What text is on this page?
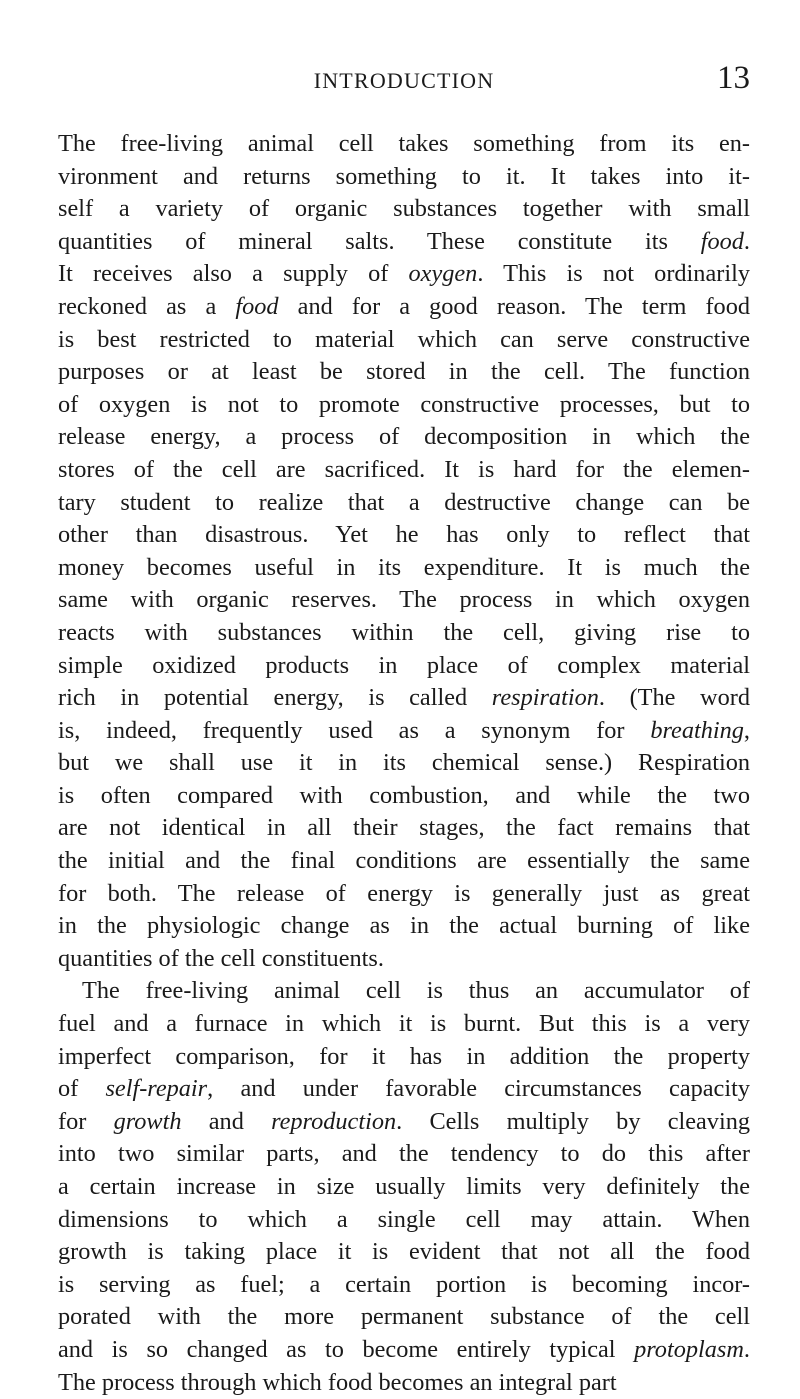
INTRODUCTION	13
The free-living animal cell takes something from its en-
vironment and returns something to it. It takes into it-
self a variety of organic substances together with small
quantities of mineral salts. These constitute its food.
It receives also a supply of oxygen. This is not ordinarily
reckoned as a food and for a good reason. The term food
is best restricted to material which can serve constructive
purposes or at least be stored in the cell. The function
of oxygen is not to promote constructive processes, but to
release energy, a process of decomposition in which the
stores of the cell are sacrificed. It is hard for the elemen-
tary student to realize that a destructive change can be
other than disastrous. Yet he has only to reflect that
money becomes useful in its expenditure. It is much the
same with organic reserves. The process in which oxygen
reacts with substances within the cell, giving rise to
simple oxidized products in place of complex material
rich in potential energy, is called respiration. (The word
is, indeed, frequently used as a synonym for breathing,
but we shall use it in its chemical sense.) Respiration
is often compared with combustion, and while the two
are not identical in all their stages, the fact remains that
the initial and the final conditions are essentially the same
for both. The release of energy is generally just as great
in the physiologic change as in the actual burning of like
quantities of the cell constituents.
The free-living animal cell is thus an accumulator of
fuel and a furnace in which it is burnt. But this is a very
imperfect comparison, for it has in addition the property
of self-repair, and under favorable circumstances capacity
for growth and reproduction. Cells multiply by cleaving
into two similar parts, and the tendency to do this after
a certain increase in size usually limits very definitely the
dimensions to which a single cell may attain. When
growth is taking place it is evident that not all the food
is serving as fuel; a certain portion is becoming incor-
porated with the more permanent substance of the cell
and is so changed as to become entirely typical protoplasm.
The process through which food becomes an integral part
